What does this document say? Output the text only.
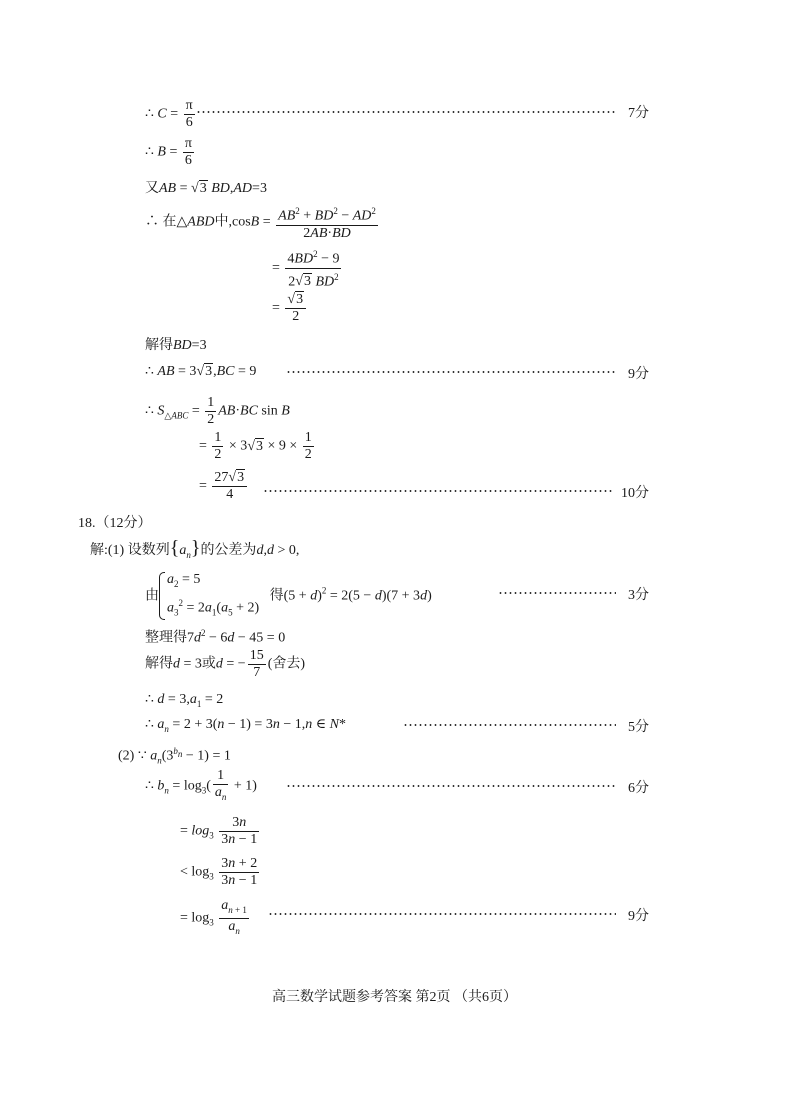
∴ $C = \frac{\pi}{6}$	7分
∴ $B = \frac{\pi}{6}$
又AB = √3 BD,AD=3
∴ 在△ABD中$,\cos B = \frac{AB^2 + BD^2 - AD^2}{2AB\cdot BD}$
= $\frac{4BD^2 - 9}{2√3 BD^2}$
= $\frac{√3}{2}$
解得BD=3
∴ AB = 3√3,BC = 9	9分
∴ $S_{\triangle ABC} = \frac{1}{2} AB\cdot BC$ sin B
= $\frac{1}{2} \times 3√3 \times 9 \times \frac{1}{2}$
= $\frac{27√3}{4}$	10分
18.（12分）
解:(1) 设数列$\{a_n\}$的公差为d,d > 0,
由
$a_2 = 5$
$a_3^2 = 2a_1(a_5 + 2)$
得$(5 + d)^2 = 2(5 - d)(7 + 3d)$	3分
整理得$7d^2 - 6d - 45 = 0$
解得d = 3或d = − $\frac{15}{7}$ (舍去)
∴ $d = 3,a_1 = 2$
∴ $a_n = 2 + 3(n - 1) = 3n - 1,n$ ∈ N*	5分
(2) ∵ $a_n(3^{b_n} - 1) = 1$
∴ $b_n = \log_3( \frac{1}{a_n} + 1)$	6分
= $\log_3 \frac{3n}{3n - 1}$
< $\log_3 \frac{3n + 2}{3n - 1}$
= $\log_3 \frac{a_{n + 1}}{a_n}$	9分
高三数学试题参考答案 第2页 （共6页）
